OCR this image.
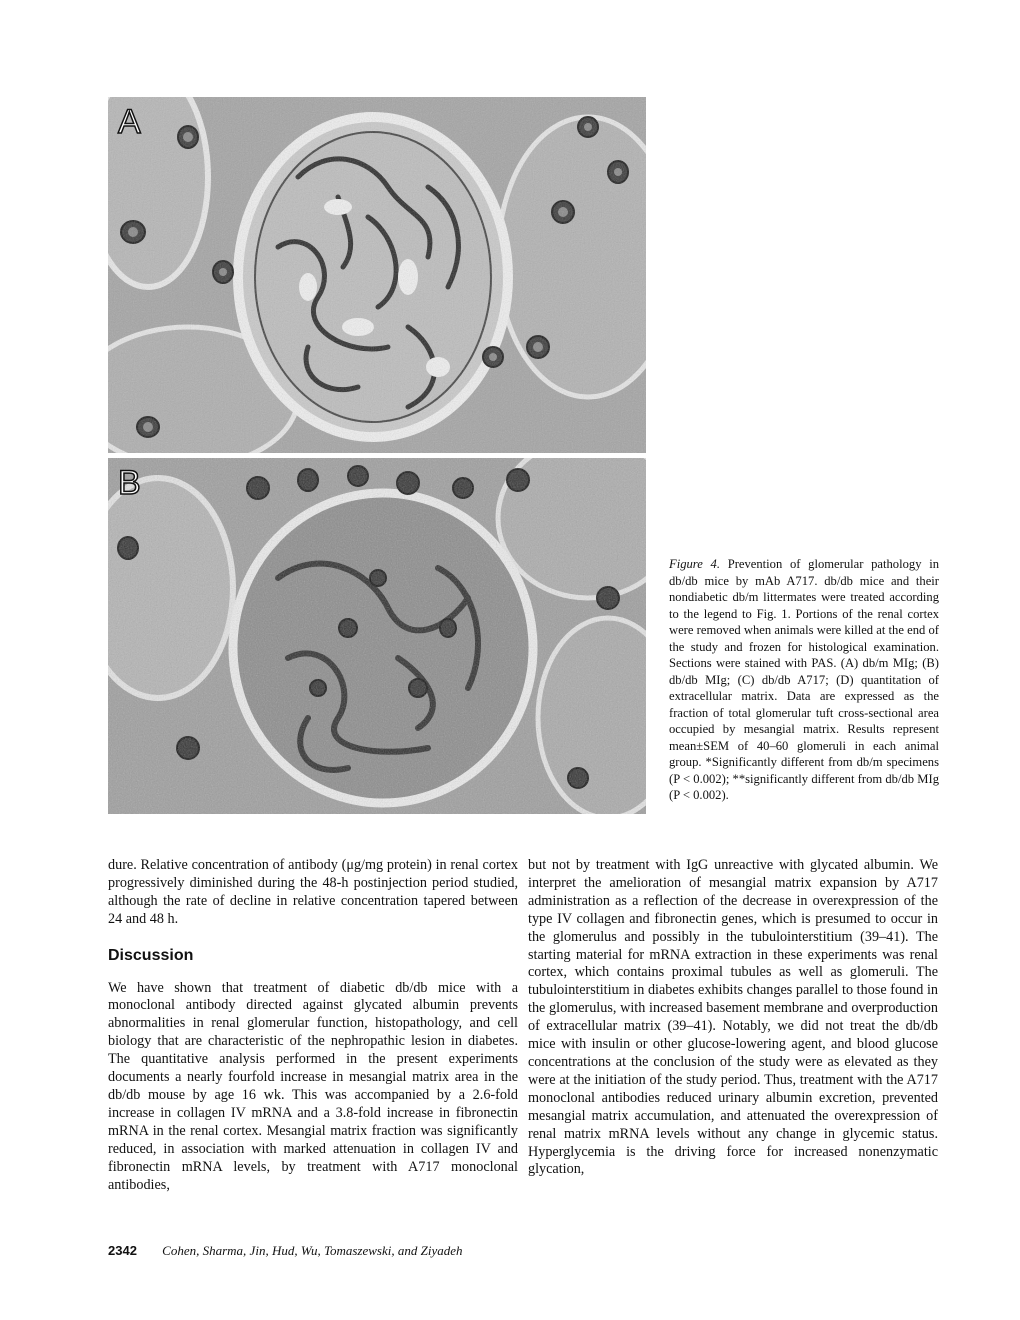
A
B

Figure 4. Prevention of glomerular pathology in db/db mice by mAb A717. db/db mice and their nondiabetic db/m littermates were treated according to the legend to Fig. 1. Portions of the renal cortex were removed when animals were killed at the end of the study and frozen for histological examination. Sections were stained with PAS. (A) db/m MIg; (B) db/db MIg; (C) db/db A717; (D) quantitation of extracellular matrix. Data are expressed as the fraction of total glomerular tuft cross-sectional area occupied by mesangial matrix. Results represent mean±SEM of 40–60 glomeruli in each animal group. *Significantly different from db/m specimens (P < 0.002); **significantly different from db/db MIg (P < 0.002).

dure. Relative concentration of antibody (μg/mg protein) in renal cortex progressively diminished during the 48-h postinjection period studied, although the rate of decline in relative concentration tapered between 24 and 48 h.

Discussion

We have shown that treatment of diabetic db/db mice with a monoclonal antibody directed against glycated albumin prevents abnormalities in renal glomerular function, histopathology, and cell biology that are characteristic of the nephropathic lesion in diabetes. The quantitative analysis performed in the present experiments documents a nearly fourfold increase in mesangial matrix area in the db/db mouse by age 16 wk. This was accompanied by a 2.6-fold increase in collagen IV mRNA and a 3.8-fold increase in fibronectin mRNA in the renal cortex. Mesangial matrix fraction was significantly reduced, in association with marked attenuation in collagen IV and fibronectin mRNA levels, by treatment with A717 monoclonal antibodies,

but not by treatment with IgG unreactive with glycated albumin. We interpret the amelioration of mesangial matrix expansion by A717 administration as a reflection of the decrease in overexpression of the type IV collagen and fibronectin genes, which is presumed to occur in the glomerulus and possibly in the tubulointerstitium (39–41). The starting material for mRNA extraction in these experiments was renal cortex, which contains proximal tubules as well as glomeruli. The tubulointerstitium in diabetes exhibits changes parallel to those found in the glomerulus, with increased basement membrane and overproduction of extracellular matrix (39–41). Notably, we did not treat the db/db mice with insulin or other glucose-lowering agent, and blood glucose concentrations at the conclusion of the study were as elevated as they were at the initiation of the study period. Thus, treatment with the A717 monoclonal antibodies reduced urinary albumin excretion, prevented mesangial matrix accumulation, and attenuated the overexpression of renal matrix mRNA levels without any change in glycemic status. Hyperglycemia is the driving force for increased nonenzymatic glycation,

2342 Cohen, Sharma, Jin, Hud, Wu, Tomaszewski, and Ziyadeh
